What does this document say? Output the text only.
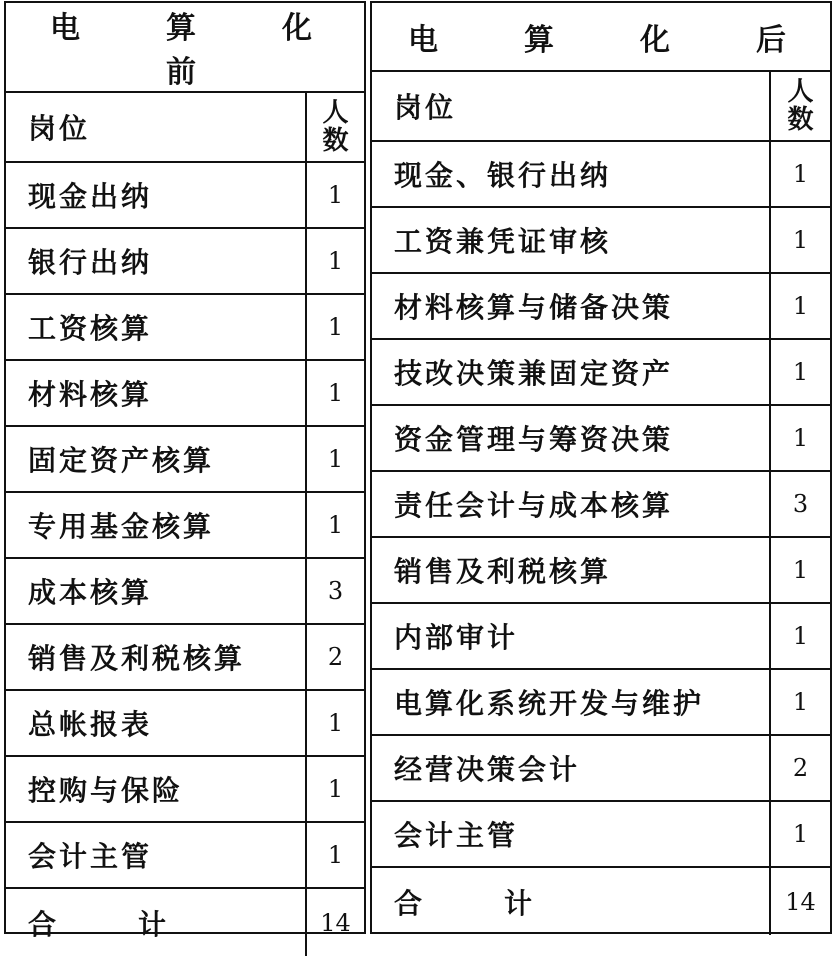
电　算　化　前	
岗位	人数
现金出纳	1
银行出纳	1
工资核算	1
材料核算	1
固定资产核算	1
专用基金核算	1
成本核算	3
销售及利税核算	2
总帐报表	1
控购与保险	1
会计主管	1
合 计	14
电　算　化　后	
岗位	人数
现金、银行出纳	1
工资兼凭证审核	1
材料核算与储备决策	1
技改决策兼固定资产	1
资金管理与筹资决策	1
责任会计与成本核算	3
销售及利税核算	1
内部审计	1
电算化系统开发与维护	1
经营决策会计	2
会计主管	1
合 计	14
